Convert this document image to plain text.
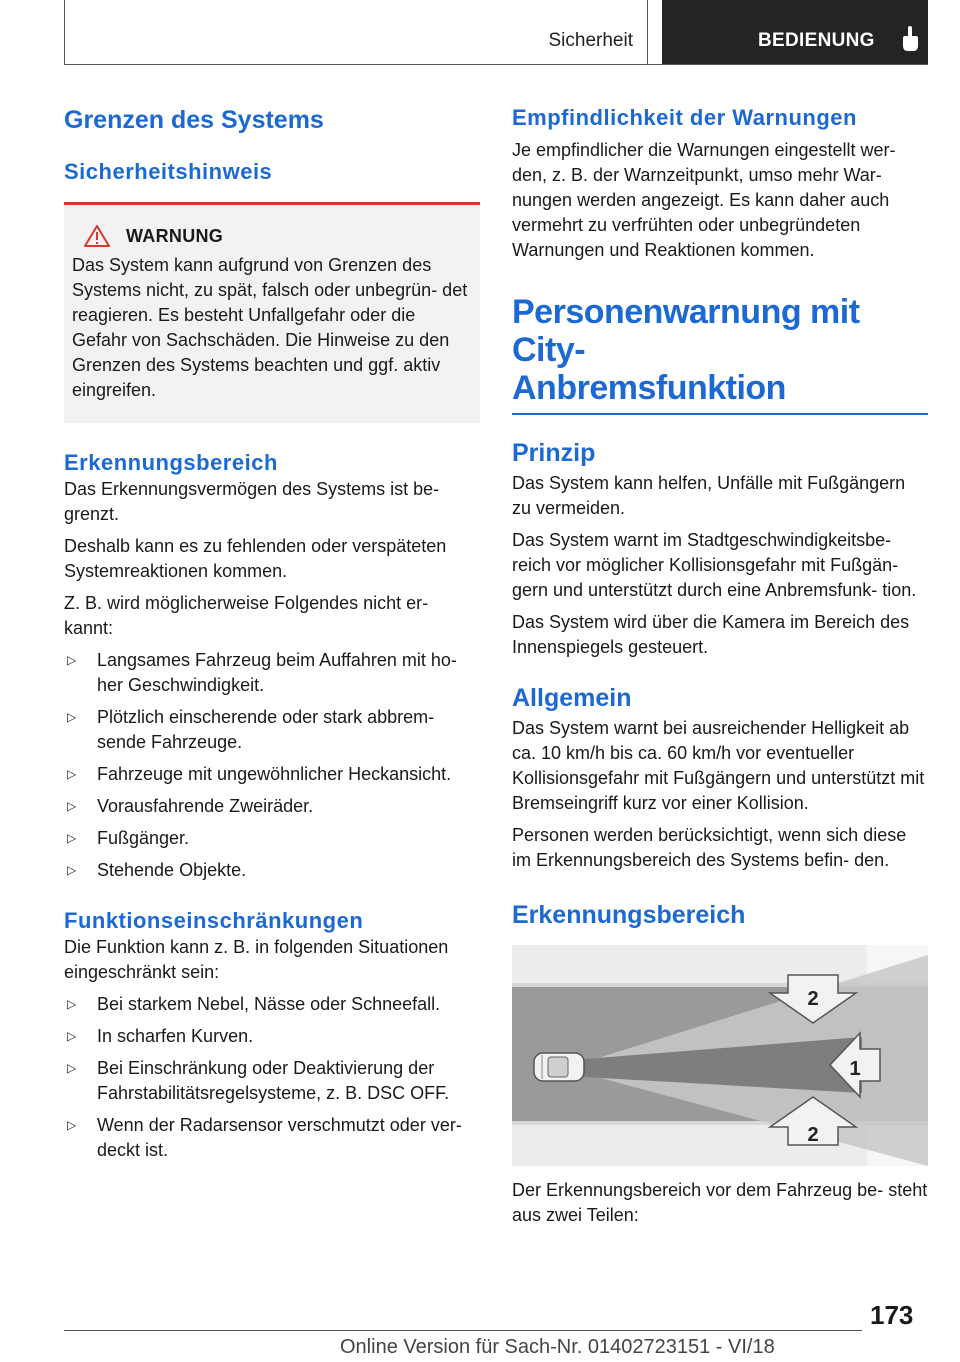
Sicherheit	BEDIENUNG
Grenzen des Systems
Sicherheitshinweis
WARNUNG

Das System kann aufgrund von Grenzen des Systems nicht, zu spät, falsch oder unbegrün- det reagieren. Es besteht Unfallgefahr oder die Gefahr von Sachschäden. Die Hinweise zu den Grenzen des Systems beachten und ggf. aktiv eingreifen.

Erkennungsbereich

Das Erkennungsvermögen des Systems ist be- grenzt.

Deshalb kann es zu fehlenden oder verspäteten Systemreaktionen kommen.

Z. B. wird möglicherweise Folgendes nicht er- kannt:

▷	Langsames Fahrzeug beim Auffahren mit ho- her Geschwindigkeit.
▷	Plötzlich einscherende oder stark abbrem- sende Fahrzeuge.
▷	Fahrzeuge mit ungewöhnlicher Heckansicht.
▷	Vorausfahrende Zweiräder.
▷	Fußgänger.
▷	Stehende Objekte.
Funktionseinschränkungen

Die Funktion kann z. B. in folgenden Situationen eingeschränkt sein:

▷	Bei starkem Nebel, Nässe oder Schneefall.
▷	In scharfen Kurven.
▷	Bei Einschränkung oder Deaktivierung der Fahrstabilitätsregelsysteme, z. B. DSC OFF.
▷	Wenn der Radarsensor verschmutzt oder ver- deckt ist.
Empfindlichkeit der Warnungen

Je empfindlicher die Warnungen eingestellt wer- den, z. B. der Warnzeitpunkt, umso mehr War- nungen werden angezeigt. Es kann daher auch vermehrt zu verfrühten oder unbegründeten Warnungen und Reaktionen kommen.

Personenwarnung mit City-
Anbremsfunktion
Prinzip

Das System kann helfen, Unfälle mit Fußgängern zu vermeiden.

Das System warnt im Stadtgeschwindigkeitsbe- reich vor möglicher Kollisionsgefahr mit Fußgän- gern und unterstützt durch eine Anbremsfunk- tion.

Das System wird über die Kamera im Bereich des Innenspiegels gesteuert.

Allgemein

Das System warnt bei ausreichender Helligkeit ab ca. 10 km/h bis ca. 60 km/h vor eventueller Kollisionsgefahr mit Fußgängern und unterstützt mit Bremseingriff kurz vor einer Kollision.

Personen werden berücksichtigt, wenn sich diese im Erkennungsbereich des Systems befin- den.

Erkennungsbereich
2
1
2

Der Erkennungsbereich vor dem Fahrzeug be- steht aus zwei Teilen:

173
Online Version für Sach-Nr. 01402723151 - VI/18
